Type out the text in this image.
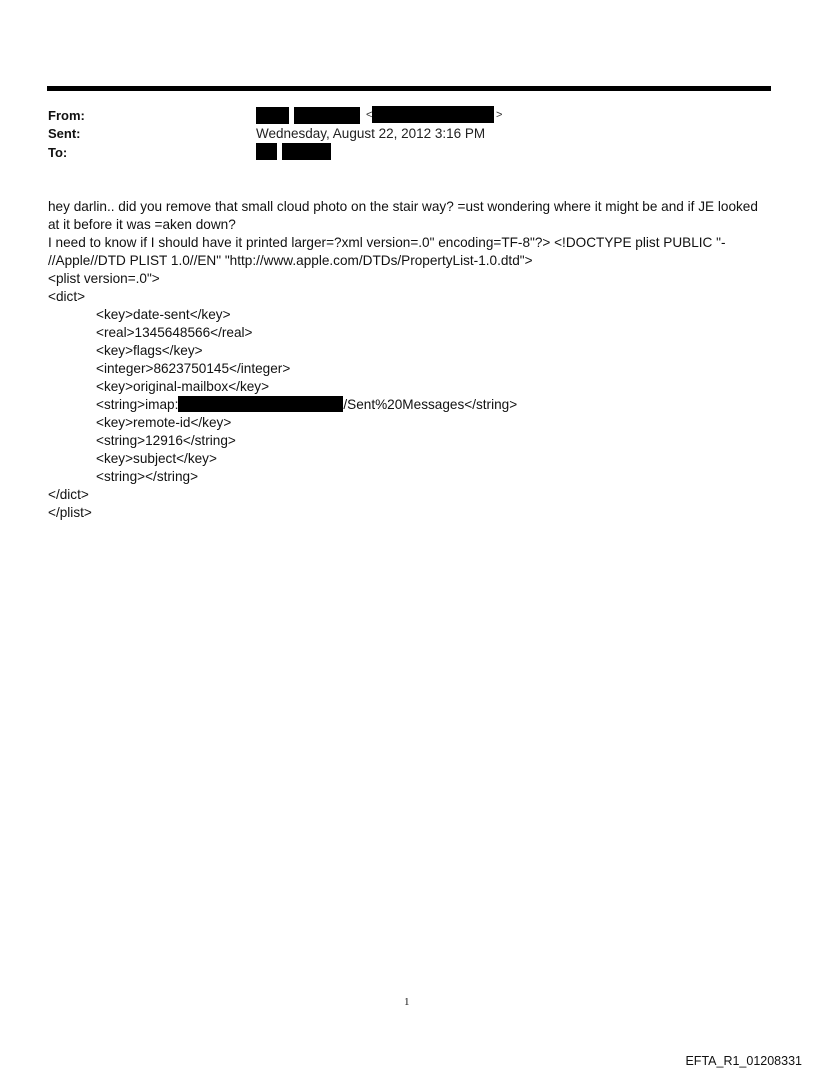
From:
Sent:
To:
<	>
Wednesday, August 22, 2012 3:16 PM
hey darlin.. did you remove that small cloud photo on the stair way? =ust wondering where it might be and if JE looked
at it before it was =aken down?
I need to know if I should have it printed larger=?xml version=.0" encoding=TF-8"?> <!DOCTYPE plist PUBLIC "-
//Apple//DTD PLIST 1.0//EN" "http://www.apple.com/DTDs/PropertyList-1.0.dtd">
<plist version=.0">
<dict>
<key>date-sent</key>
<real>1345648566</real>
<key>flags</key>
<integer>8623750145</integer>
<key>original-mailbox</key>
<string>imap:	/Sent%20Messages</string>
<key>remote-id</key>
<string>12916</string>
<key>subject</key>
<string></string>
</dict>
</plist>
1
EFTA_R1_01208331
